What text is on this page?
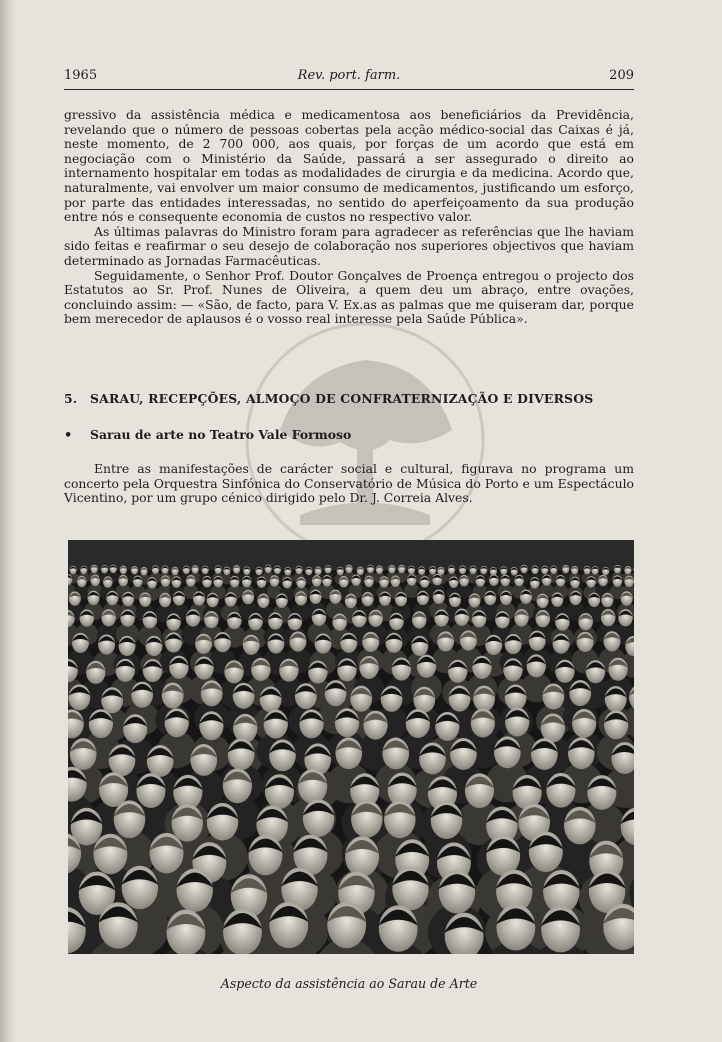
1965	Rev. port. farm.	209

gressivo da assistência médica e medicamentosa aos beneficiários da Previdência, revelando que o número de pessoas cobertas pela acção médico-social das Caixas é já, neste momento, de 2 700 000, aos quais, por forças de um acordo que está em negociação com o Ministério da Saúde, passará a ser assegurado o direito ao internamento hospitalar em todas as modalidades de cirurgia e da medicina. Acordo que, naturalmente, vai envolver um maior consumo de medicamentos, justificando um esforço, por parte das entidades interessadas, no sentido do aperfeiçoamento da sua produção entre nós e consequente economia de custos no respectivo valor.

As últimas palavras do Ministro foram para agradecer as referências que lhe haviam sido feitas e reafirmar o seu desejo de colaboração nos superiores objectivos que haviam determinado as Jornadas Farmacêuticas.

Seguidamente, o Senhor Prof. Doutor Gonçalves de Proença entregou o projecto dos Estatutos ao Sr. Prof. Nunes de Oliveira, a quem deu um abraço, entre ovações, concluindo assim: — «São, de facto, para V. Ex.as as palmas que me quiseram dar, porque bem merecedor de aplausos é o vosso real interesse pela Saúde Pública».

5. SARAU, RECEPÇÕES, ALMOÇO DE CONFRATERNIZAÇÃO E DIVERSOS
• Sarau de arte no Teatro Vale Formoso

Entre as manifestações de carácter social e cultural, figurava no programa um concerto pela Orquestra Sinfónica do Conservatório de Música do Porto e um Espectáculo Vicentino, por um grupo cénico dirigido pelo Dr. J. Correia Alves.

Aspecto da assistência ao Sarau de Arte
